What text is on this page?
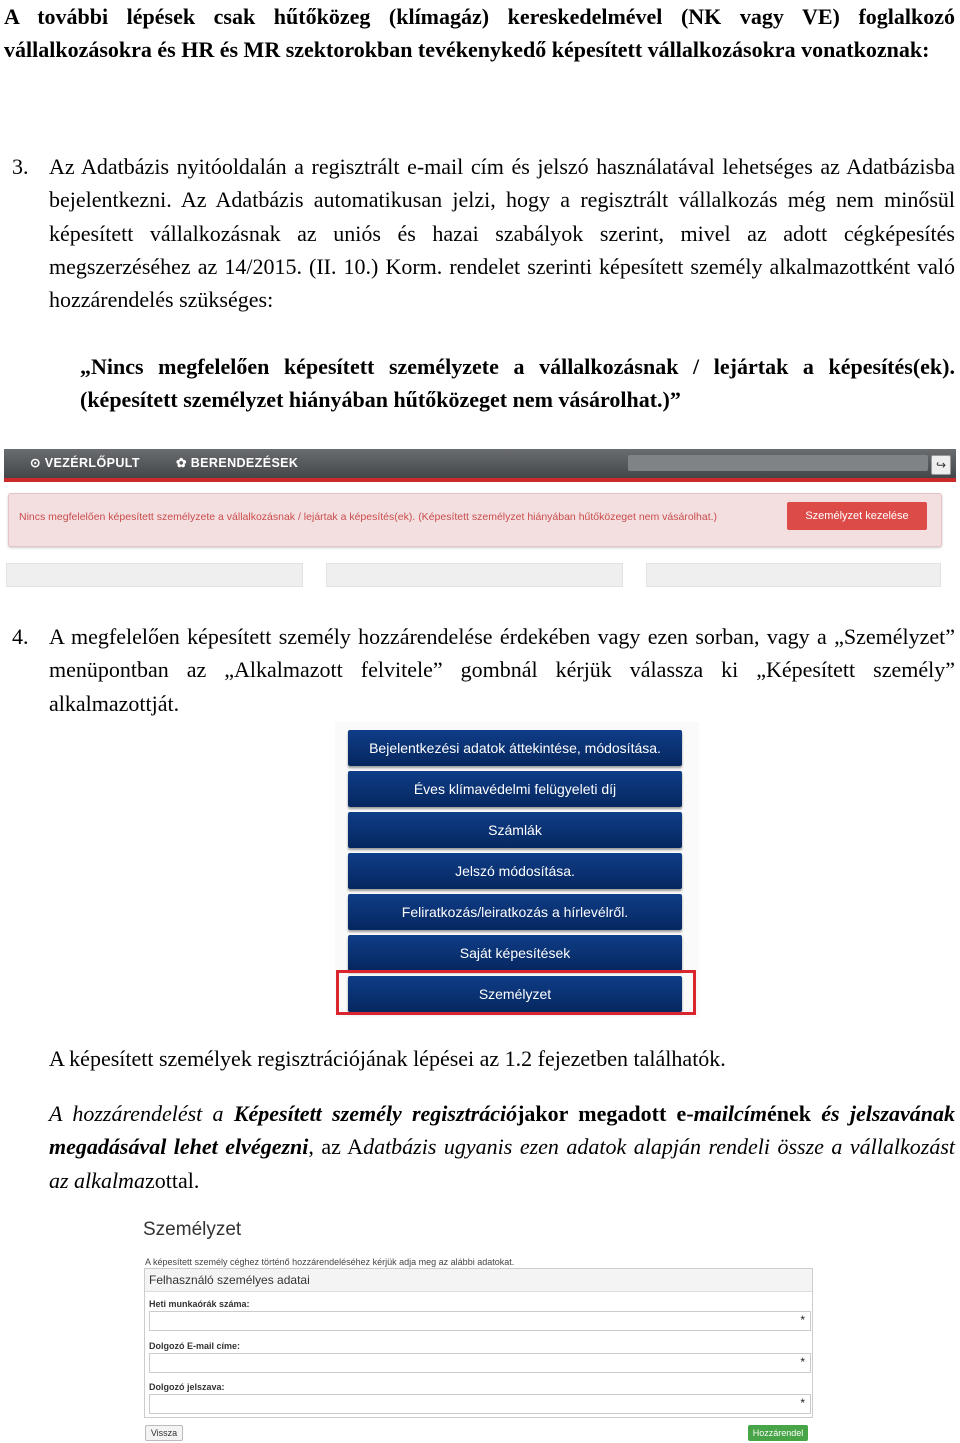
A további lépések csak hűtőközeg (klímagáz) kereskedelmével (NK vagy VE) foglalkozó vállalkozásokra és HR és MR szektorokban tevékenykedő képesített vállalkozásokra vonatkoznak:
3. Az Adatbázis nyitóoldalán a regisztrált e-mail cím és jelszó használatával lehetséges az Adatbázisba bejelentkezni. Az Adatbázis automatikusan jelzi, hogy a regisztrált vállalkozás még nem minősül képesített vállalkozásnak az uniós és hazai szabályok szerint, mivel az adott cégképesítés megszerzéséhez az 14/2015. (II. 10.) Korm. rendelet szerinti képesített személy alkalmazottként való hozzárendelés szükséges:
„Nincs megfelelően képesített személyzete a vállalkozásnak / lejártak a képesítés(ek). (képesített személyzet hiányában hűtőközeget nem vásárolhat.)”
⊙ VEZÉRLŐPULT	✿ BERENDEZÉSEK	↪
Nincs megfelelően képesített személyzete a vállalkozásnak / lejártak a képesítés(ek). (Képesített személyzet hiányában hűtőközeget nem vásárolhat.)	Személyzet kezelése
4. A megfelelően képesített személy hozzárendelése érdekében vagy ezen sorban, vagy a „Személyzet” menüpontban az „Alkalmazott felvitele” gombnál kérjük válassza ki „Képesített személy” alkalmazottját.
Bejelentkezési adatok áttekintése, módosítása.
Éves klímavédelmi felügyeleti díj
Számlák
Jelszó módosítása.
Feliratkozás/leiratkozás a hírlevélről.
Saját képesítések
Személyzet
A képesített személyek regisztrációjának lépései az 1.2 fejezetben találhatók.
A hozzárendelést a Képesített személy regisztrációjakor megadott e-mailcímének és jelszavának megadásával lehet elvégezni, az Adatbázis ugyanis ezen adatok alapján rendeli össze a vállalkozást az alkalmazottal.
Személyzet
A képesített személy céghez történő hozzárendeléséhez kérjük adja meg az alábbi adatokat.
Felhasználó személyes adatai
Heti munkaórák száma:
*
Dolgozó E-mail címe:
*
Dolgozó jelszava:
*
Vissza	Hozzárendel
